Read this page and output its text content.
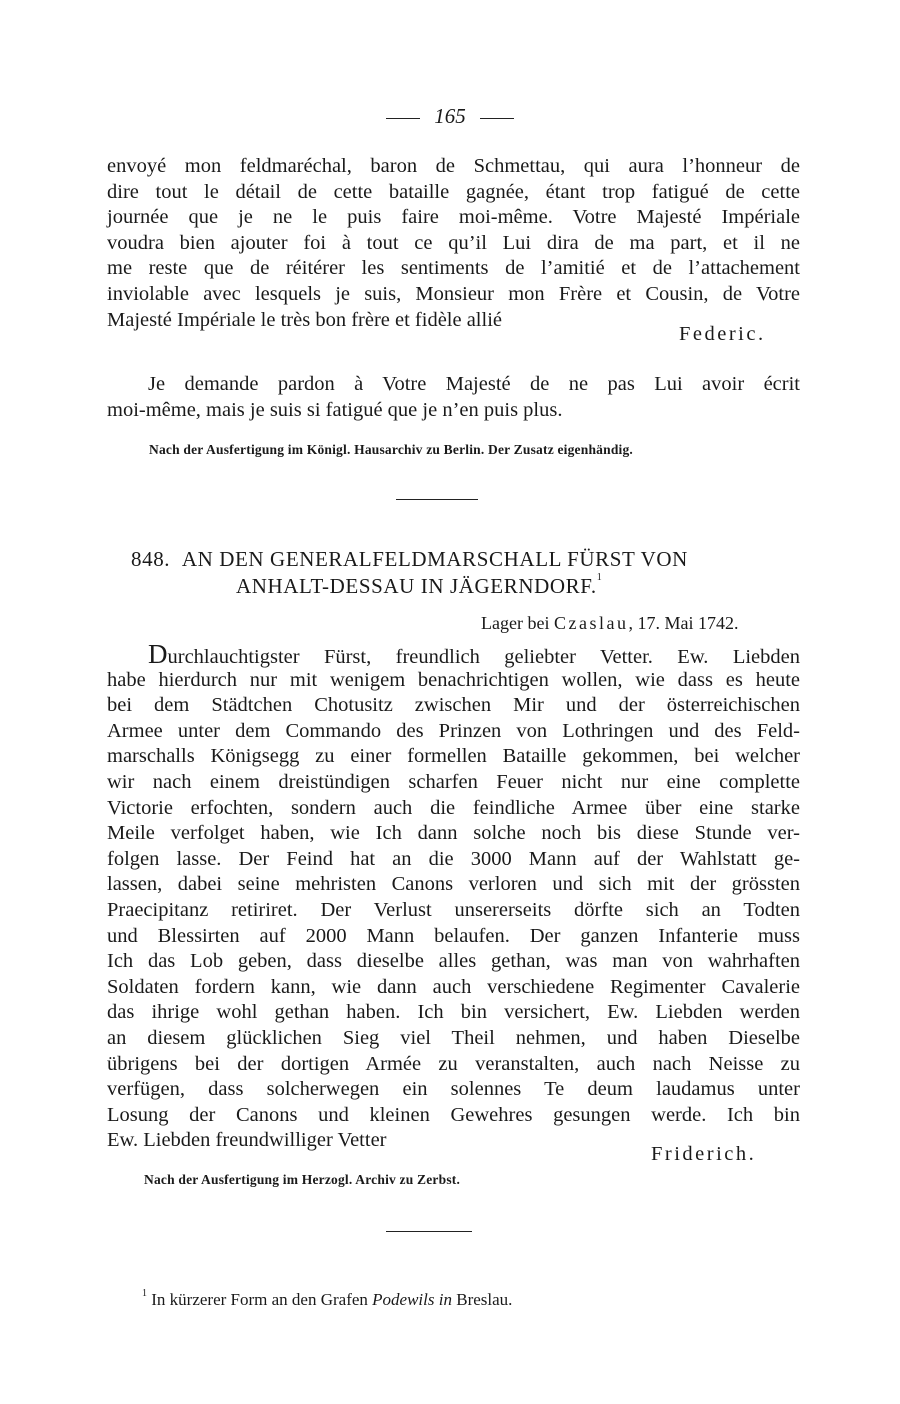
165
envoyé mon feldmaréchal, baron de Schmettau, qui aura l’honneur de
dire tout le détail de cette bataille gagnée, étant trop fatigué de cette
journée que je ne le puis faire moi-même. Votre Majesté Impériale
voudra bien ajouter foi à tout ce qu’il Lui dira de ma part, et il ne
me reste que de réitérer les sentiments de l’amitié et de l’attachement
inviolable avec lesquels je suis, Monsieur mon Frère et Cousin, de Votre
Majesté Impériale le très bon frère et fidèle allié
Federic.
Je demande pardon à Votre Majesté de ne pas Lui avoir écrit
moi-même, mais je suis si fatigué que je n’en puis plus.
Nach der Ausfertigung im Königl. Hausarchiv zu Berlin. Der Zusatz eigenhändig.
848. AN DEN GENERALFELDMARSCHALL FÜRST VON
ANHALT-DESSAU IN JÄGERNDORF.$^1$
Lager bei Czaslau, 17. Mai 1742.
Durchlauchtigster Fürst, freundlich geliebter Vetter. Ew. Liebden
habe hierdurch nur mit wenigem benachrichtigen wollen, wie dass es heute
bei dem Städtchen Chotusitz zwischen Mir und der österreichischen
Armee unter dem Commando des Prinzen von Lothringen und des Feld-
marschalls Königsegg zu einer formellen Bataille gekommen, bei welcher
wir nach einem dreistündigen scharfen Feuer nicht nur eine complette
Victorie erfochten, sondern auch die feindliche Armee über eine starke
Meile verfolget haben, wie Ich dann solche noch bis diese Stunde ver-
folgen lasse. Der Feind hat an die 3000 Mann auf der Wahlstatt ge-
lassen, dabei seine mehristen Canons verloren und sich mit der grössten
Praecipitanz retiriret. Der Verlust unsererseits dörfte sich an Todten
und Blessirten auf 2000 Mann belaufen. Der ganzen Infanterie muss
Ich das Lob geben, dass dieselbe alles gethan, was man von wahrhaften
Soldaten fordern kann, wie dann auch verschiedene Regimenter Cavalerie
das ihrige wohl gethan haben. Ich bin versichert, Ew. Liebden werden
an diesem glücklichen Sieg viel Theil nehmen, und haben Dieselbe
übrigens bei der dortigen Armée zu veranstalten, auch nach Neisse zu
verfügen, dass solcherwegen ein solennes Te deum laudamus unter
Losung der Canons und kleinen Gewehres gesungen werde. Ich bin
Ew. Liebden freundwilliger Vetter
Friderich.
Nach der Ausfertigung im Herzogl. Archiv zu Zerbst.
$^1$ In kürzerer Form an den Grafen Podewils in Breslau.
